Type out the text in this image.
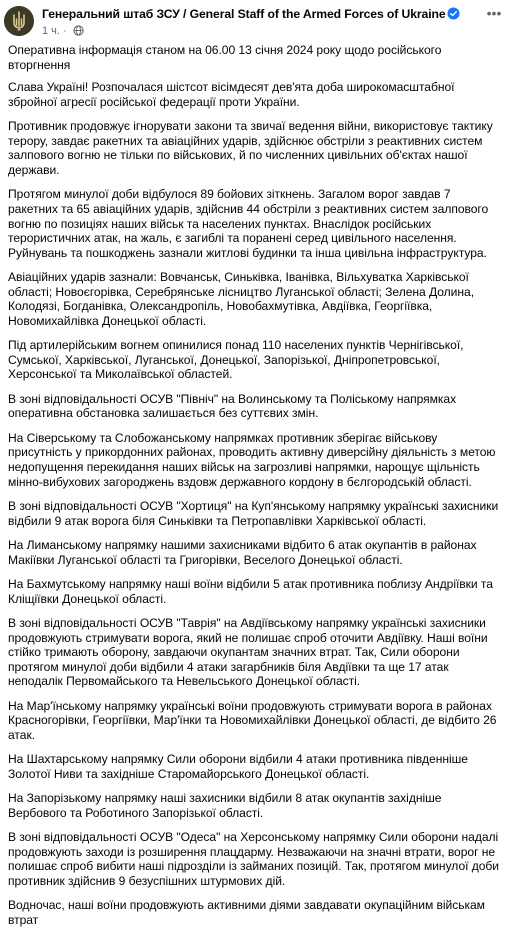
Генеральний штаб ЗСУ / General Staff of the Armed Forces of Ukraine
1 ч. ·
•••

Оперативна інформація станом на 06.00 13 січня 2024 року щодо російського вторгнення

Слава Україні! Розпочалася шістсот вісімдесят дев'ята доба широкомасштабної збройної агресії російської федерації проти України.

Противник продовжує ігнорувати закони та звичаї ведення війни, використовує тактику терору, завдає ракетних та авіаційних ударів, здійснює обстріли з реактивних систем залпового вогню не тільки по військових, й по численних цивільних об'єктах нашої держави.

Протягом минулої доби відбулося 89 бойових зіткнень. Загалом ворог завдав 7 ракетних та 65 авіаційних ударів, здійснив 44 обстріли з реактивних систем залпового вогню по позиціях наших військ та населених пунктах. Внаслідок російських терористичних атак, на жаль, є загиблі та поранені серед цивільного населення. Руйнувань та пошкоджень зазнали житлові будинки та інша цивільна інфраструктура.

Авіаційних ударів зазнали: Вовчанськ, Синьківка, Іванівка, Вільхуватка Харківської області; Новоєгорівка, Серебрянське лісництво Луганської області; Зелена Долина, Колодязі, Богданівка, Олександропіль, Новобахмутівка, Авдіївка, Георгіївка, Новомихайлівка Донецької області.

Під артилерійським вогнем опинилися понад 110 населених пунктів Чернігівської, Сумської, Харківської, Луганської, Донецької, Запорізької, Дніпропетровської, Херсонської та Миколаївської областей.

В зоні відповідальності ОСУВ "Північ" на Волинському та Поліському напрямках оперативна обстановка залишається без суттєвих змін.

На Сіверському та Слобожанському напрямках противник зберігає військову присутність у прикордонних районах, проводить активну диверсійну діяльність з метою недопущення перекидання наших військ на загрозливі напрямки, нарощує щільність мінно-вибухових загороджень вздовж державного кордону в бєлгородській області.

В зоні відповідальності ОСУВ "Хортиця" на Куп'янському напрямку українські захисники відбили 9 атак ворога біля Синьківки та Петропавлівки Харківської області.

На Лиманському напрямку нашими захисниками відбито 6 атак окупантів в районах Макіївки Луганської області та Григорівки, Веселого Донецької області.

На Бахмутському напрямку наші воїни відбили 5 атак противника поблизу Андріївки та Кліщіївки Донецької області.

В зоні відповідальності ОСУВ "Таврія" на Авдіївському напрямку українські захисники продовжують стримувати ворога, який не полишає спроб оточити Авдіївку. Наші воїни стійко тримають оборону, завдаючи окупантам значних втрат. Так, Сили оборони протягом минулої доби відбили 4 атаки загарбників біля Авдіївки та ще 17 атак неподалік Первомайського та Невельського Донецької області.

На Мар'їнському напрямку українські воїни продовжують стримувати ворога в районах Красногорівки, Георгіївки, Мар'їнки та Новомихайлівки Донецької області, де відбито 26 атак.

На Шахтарському напрямку Сили оборони відбили 4 атаки противника південніше Золотої Ниви та західніше Старомайорського Донецької області.

На Запорізькому напрямку наші захисники відбили 8 атак окупантів західніше Вербового та Роботиного Запорізької області.

В зоні відповідальності ОСУВ "Одеса" на Херсонському напрямку Сили оборони надалі продовжують заходи із розширення плацдарму. Незважаючи на значні втрати, ворог не полишає спроб вибити наші підрозділи із займаних позицій. Так, протягом минулої доби противник здійснив 9 безуспішних штурмових дій.

Водночас, наші воїни продовжують активними діями завдавати окупаційним військам втрат
